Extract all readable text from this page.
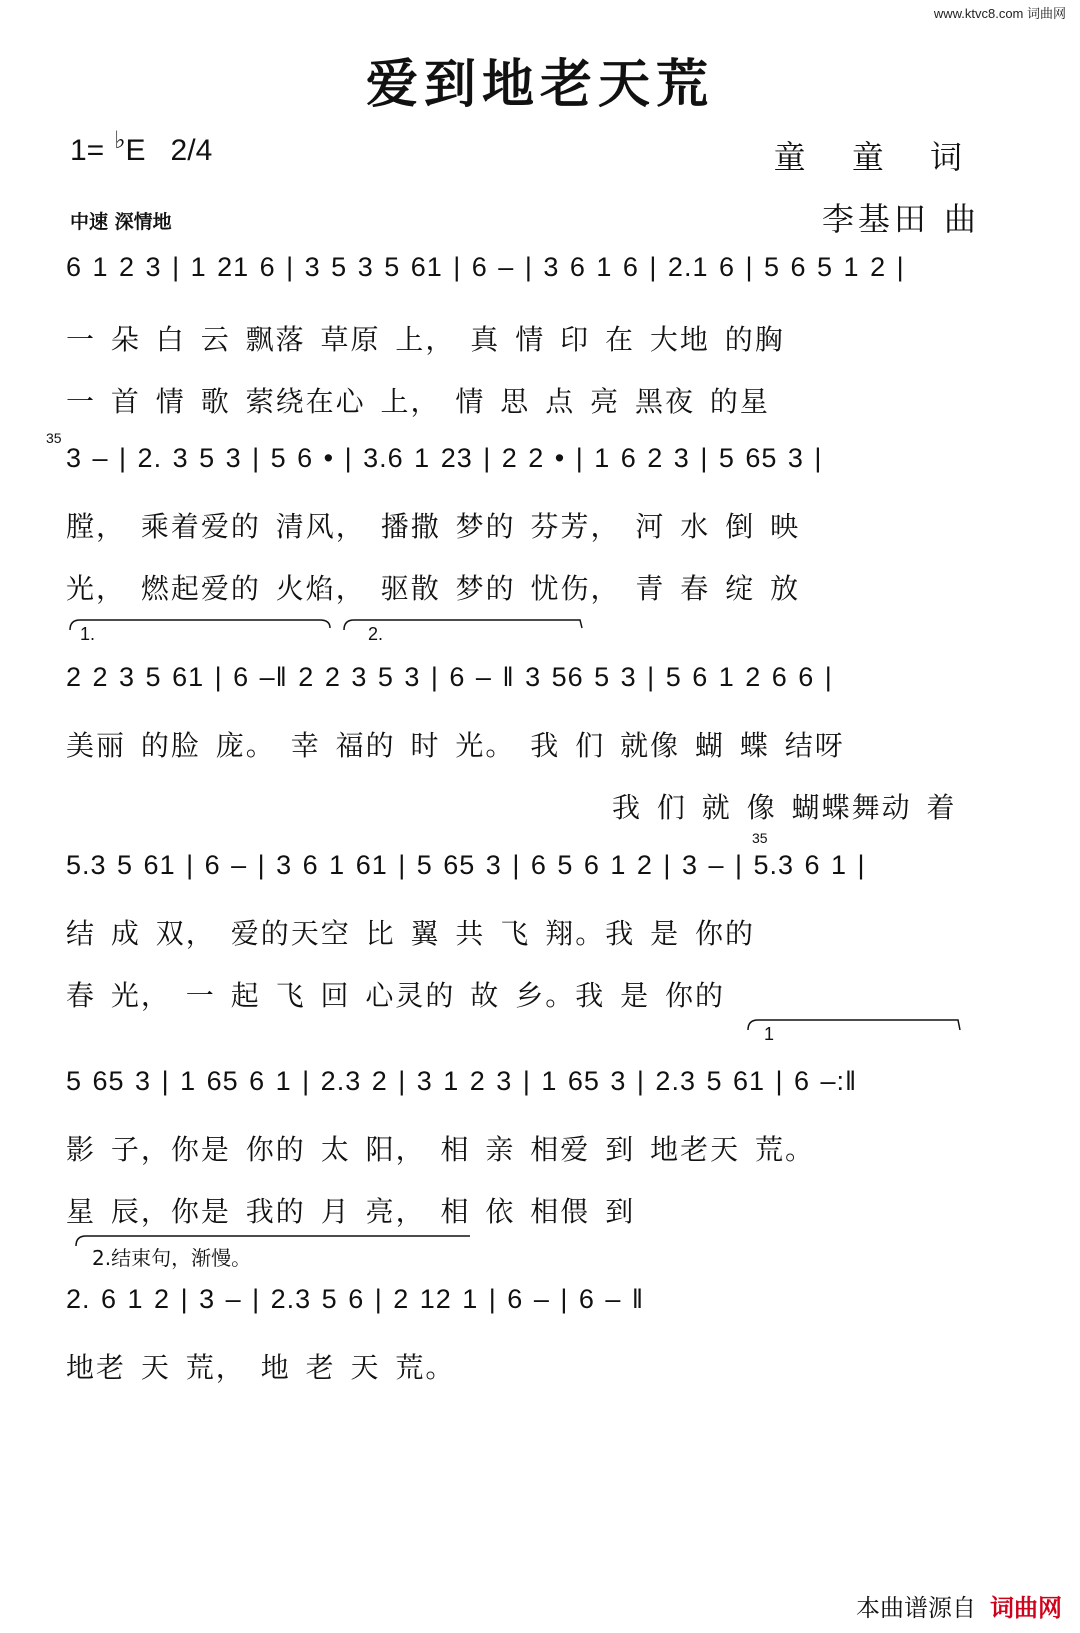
www.ktvc8.com 词曲网
爱到地老天荒
1= ♭E   2/4	童 童 词
李基田 曲
中速 深情地
6 1 2 3 | 1 21 6 | 3 5 3 5 61 | 6 – | 3 6 1 6 | 2.1 6 | 5 6 5 1 2 |
一 朵 白 云 飘落 草原 上， 真 情 印 在 大地 的胸
一 首 情 歌 萦绕在心 上， 情 思 点 亮 黑夜 的星
35
3 – | 2. 3 5 3 | 5 6 • | 3.6 1 23 | 2 2 • | 1 6 2 3 | 5 65 3 |
膛， 乘着爱的 清风， 播撒 梦的 芬芳， 河 水 倒 映
光， 燃起爱的 火焰， 驱散 梦的 忧伤， 青 春 绽 放
1.	2.
2 2 3 5 61 | 6 –‖ 2 2 3 5 3 | 6 – ‖ 3 56 5 3 | 5 6 1 2 6 6 |
美丽 的脸 庞。 幸 福的 时 光。 我 们 就像 蝴 蝶 结呀
我 们 就 像 蝴蝶舞动 着
35
5.3 5 61 | 6 – | 3 6 1 61 | 5 65 3 | 6 5 6 1 2 | 3 – | 5.3 6 1 |
结 成 双， 爱的天空 比 翼 共 飞 翔。我 是 你的
春 光， 一 起 飞 回 心灵的 故 乡。我 是 你的
1
5 65 3 | 1 65 6 1 | 2.3 2 | 3 1 2 3 | 1 65 3 | 2.3 5 61 | 6 –:‖
影 子，你是 你的 太 阳， 相 亲 相爱 到 地老天 荒。
星 辰，你是 我的 月 亮， 相 依 相偎 到
2.结束句，渐慢。
2. 6 1 2 | 3 – | 2.3 5 6 | 2 12 1 | 6 – | 6 – ‖
地老 天 荒， 地 老 天 荒。
本曲谱源自 词曲网
